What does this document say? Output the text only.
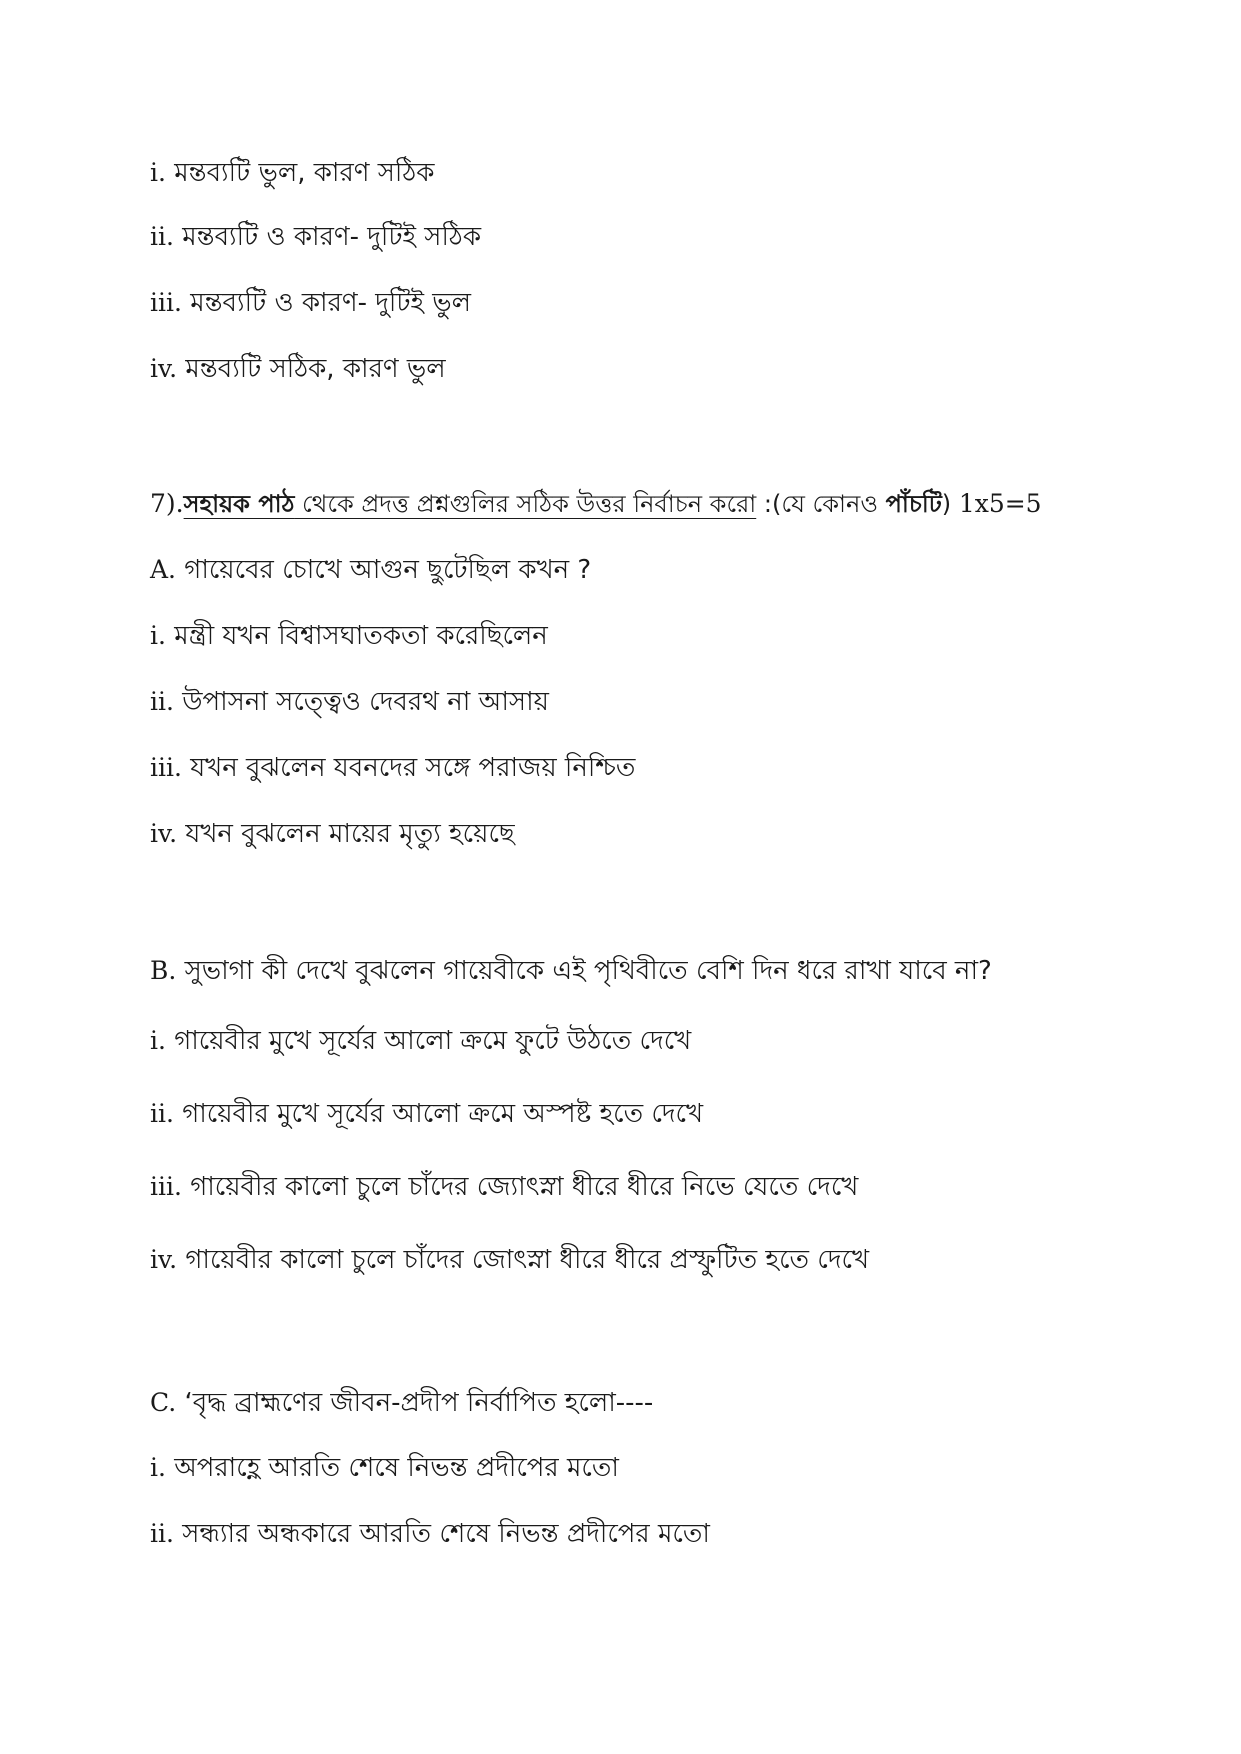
i. মন্তব্যটি ভুল, কারণ সঠিক
ii. মন্তব্যটি ও কারণ- দুটিই সঠিক
iii. মন্তব্যটি ও কারণ- দুটিই ভুল
iv. মন্তব্যটি সঠিক, কারণ ভুল
7).সহায়ক পাঠ থেকে প্রদত্ত প্রশ্নগুলির সঠিক উত্তর নির্বাচন করো :(যে কোনও পাঁচটি) 1x5=5
A. গায়েবের চোখে আগুন ছুটেছিল কখন ?
i. মন্ত্রী যখন বিশ্বাসঘাতকতা করেছিলেন
ii. উপাসনা সত্ত্বেও দেবরথ না আসায়
iii. যখন বুঝলেন যবনদের সঙ্গে পরাজয় নিশ্চিত
iv. যখন বুঝলেন মায়ের মৃত্যু হয়েছে
B. সুভাগা কী দেখে বুঝলেন গায়েবীকে এই পৃথিবীতে বেশি দিন ধরে রাখা যাবে না?
i. গায়েবীর মুখে সূর্যের আলো ক্রমে ফুটে উঠতে দেখে
ii. গায়েবীর মুখে সূর্যের আলো ক্রমে অস্পষ্ট হতে দেখে
iii. গায়েবীর কালো চুলে চাঁদের জ্যোৎস্না ধীরে ধীরে নিভে যেতে দেখে
iv. গায়েবীর কালো চুলে চাঁদের জোৎস্না ধীরে ধীরে প্রস্ফুটিত হতে দেখে
C. ‘বৃদ্ধ ব্রাহ্মণের জীবন-প্রদীপ নির্বাপিত হলো----
i. অপরাহ্ণে আরতি শেষে নিভন্ত প্রদীপের মতো
ii. সন্ধ্যার অন্ধকারে আরতি শেষে নিভন্ত প্রদীপের মতো
